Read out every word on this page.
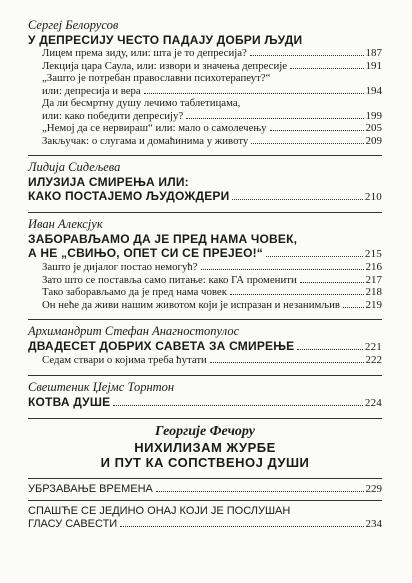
Сергеј Белорусов
У ДЕПРЕСИЈУ ЧЕСТО ПАДАЈУ ДОБРИ ЉУДИ
Лицем према зиду, или: шта је то депресија?	187
Лекција цара Саула, или: извори и значења депресије	191
„Зашто је потребан православни психотерапеут?“
или: депресија и вера	194
Да ли бесмртну душу лечимо таблетицама,
или: како победити депресију?	199
„Немој да се нервираш“ или: мало о самолечењу	205
Закључак: о слугама и домаћинима у животу	209
Лидија Сидељева
ИЛУЗИЈА СМИРЕЊА ИЛИ:
КАКО ПОСТАЈЕМО ЉУДОЖДЕРИ	210
Иван Алексјук
ЗАБОРАВЉАМО ДА ЈЕ ПРЕД НАМА ЧОВЕК,
А НЕ „СВИЊО, ОПЕТ СИ СЕ ПРЕЈЕО!“	215
Зашто је дијалог постао немогућ?	216
Зато што се поставља само питање: како ГА променити	217
Тако заборављамо да је пред нама човек	218
Он неће да живи нашим животом који је испразан и незанимљив 219
Архимандрит Стефан Анагностопулос
ДВАДЕСЕТ ДОБРИХ САВЕТА ЗА СМИРЕЊЕ	221
Седам ствари о којима треба ћутати	222
Свештеник Џејмс Торнтон
КОТВА ДУШЕ	224
Георгије Фечору
НИХИЛИЗАМ ЖУРБЕ
И ПУТ КА СОПСТВЕНОЈ ДУШИ
УБРЗАВАЊЕ ВРЕМЕНА	229
СПАШЋЕ СЕ ЈЕДИНО ОНАЈ КОЈИ ЈЕ ПОСЛУШАН
ГЛАСУ САВЕСТИ	234
